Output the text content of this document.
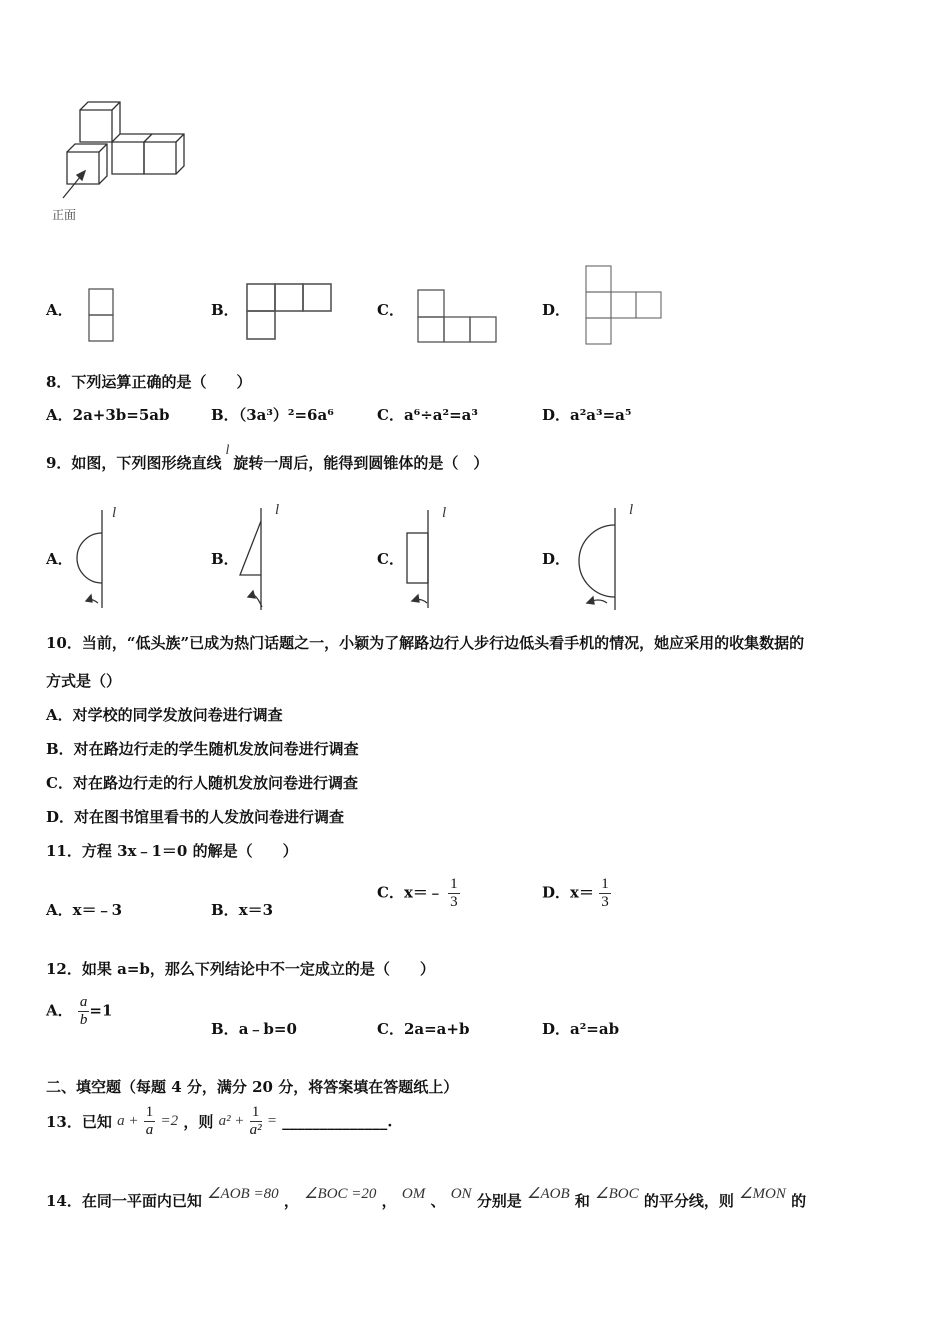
正面
A．	B．	C．	D．
8．下列运算正确的是（　　）
A．2a+3b=5ab	B．（3a³）²=6a⁶	C．a⁶÷a²=a³	D．a²a³=a⁵
9．如图，下列图形绕直线l旋转一周后，能得到圆锥体的是（　）
A．
l
B．
l
C．
l
D．
l
10．当前，“低头族”已成为热门话题之一，小颖为了解路边行人步行边低头看手机的情况，她应采用的收集数据的
方式是（）
A．对学校的同学发放问卷进行调查
B．对在路边行走的学生随机发放问卷进行调查
C．对在路边行走的行人随机发放问卷进行调查
D．对在图书馆里看书的人发放问卷进行调查
11．方程 3x﹣1＝0 的解是（　　）
A．x＝﹣3	B．x＝3
C．x＝﹣ $\frac{1}{3}$	D．$x= \frac{1}{3}$
12．如果 a=b，那么下列结论中不一定成立的是（　　）
A． $\frac{a}{b} =1$
B．a﹣b=0	C．2a=a+b	D．a²=ab
二、填空题（每题 4 分，满分 20 分，将答案填在答题纸上）
13．已知 $a + \frac{1}{a} =2$ ，则 $a^2 + \frac{1}{\text{a²}}$ = ______________.
14．在同一平面内已知 ∠AOB =80 ， ∠BOC =20 ， OM 、 ON 分别是 ∠AOB 和 ∠BOC 的平分线，则 ∠MON 的
